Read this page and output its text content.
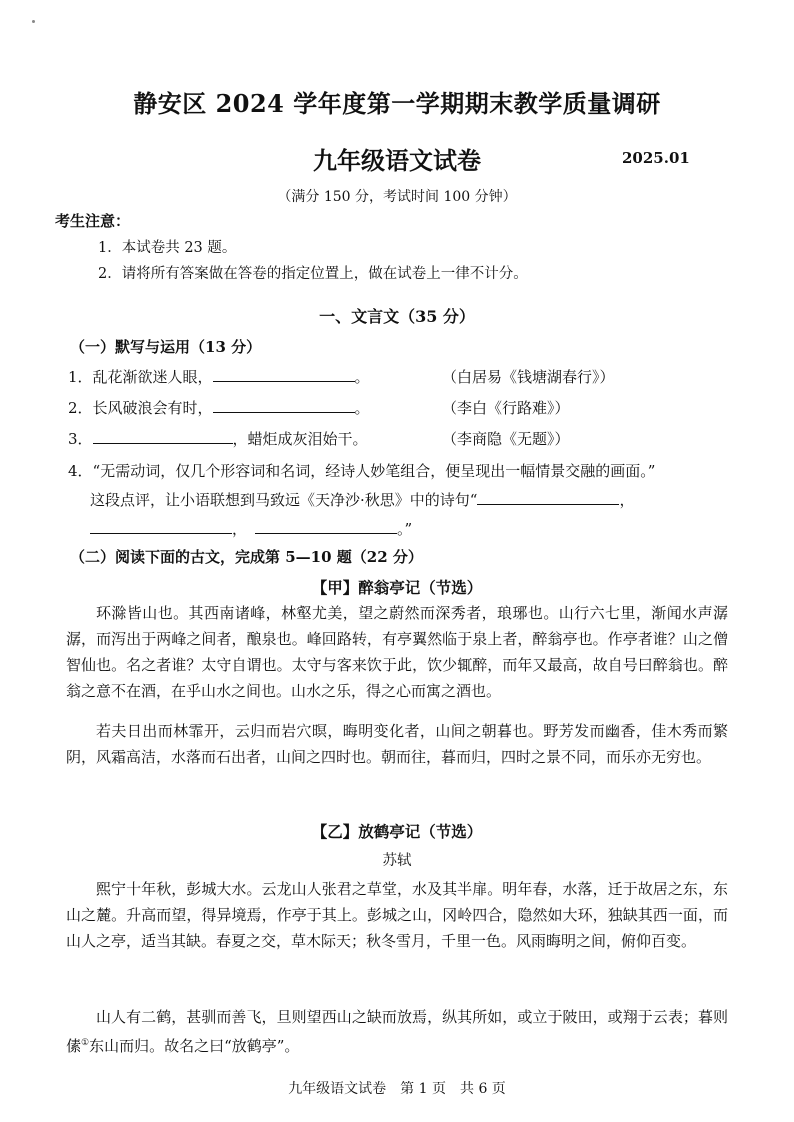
静安区 2024 学年度第一学期期末教学质量调研
九年级语文试卷	2025.01
（满分 150 分，考试时间 100 分钟）
考生注意：
1．本试卷共 23 题。
2．请将所有答案做在答卷的指定位置上，做在试卷上一律不计分。
一、文言文（35 分）
（一）默写与运用（13 分）
1．乱花渐欲迷人眼，	。	（白居易《钱塘湖春行》）
2．长风破浪会有时，	。	（李白《行路难》）
3．	，蜡炬成灰泪始干。	（李商隐《无题》）
4．“无需动词，仅几个形容词和名词，经诗人妙笔组合，便呈现出一幅情景交融的画面。”
这段点评，让小语联想到马致远《天净沙·秋思》中的诗句“	，
，	。”
（二）阅读下面的古文，完成第 5—10 题（22 分）
【甲】醉翁亭记（节选）
环滁皆山也。其西南诸峰，林壑尤美，望之蔚然而深秀者，琅琊也。山行六七里，渐闻水声潺潺，而泻出于两峰之间者，酿泉也。峰回路转，有亭翼然临于泉上者，醉翁亭也。作亭者谁？山之僧智仙也。名之者谁？太守自谓也。太守与客来饮于此，饮少辄醉，而年又最高，故自号曰醉翁也。醉翁之意不在酒，在乎山水之间也。山水之乐，得之心而寓之酒也。
若夫日出而林霏开，云归而岩穴暝，晦明变化者，山间之朝暮也。野芳发而幽香，佳木秀而繁阴，风霜高洁，水落而石出者，山间之四时也。朝而往，暮而归，四时之景不同，而乐亦无穷也。
【乙】放鹤亭记（节选）
苏轼
熙宁十年秋，彭城大水。云龙山人张君之草堂，水及其半扉。明年春，水落，迁于故居之东，东山之麓。升高而望，得异境焉，作亭于其上。彭城之山，冈岭四合，隐然如大环，独缺其西一面，而山人之亭，适当其缺。春夏之交，草木际天；秋冬雪月，千里一色。风雨晦明之间，俯仰百变。
山人有二鹤，甚驯而善飞，旦则望西山之缺而放焉，纵其所如，或立于陂田，或翔于云表；暮则傃①东山而归。故名之曰“放鹤亭”。
九年级语文试卷　第 1 页　共 6 页
